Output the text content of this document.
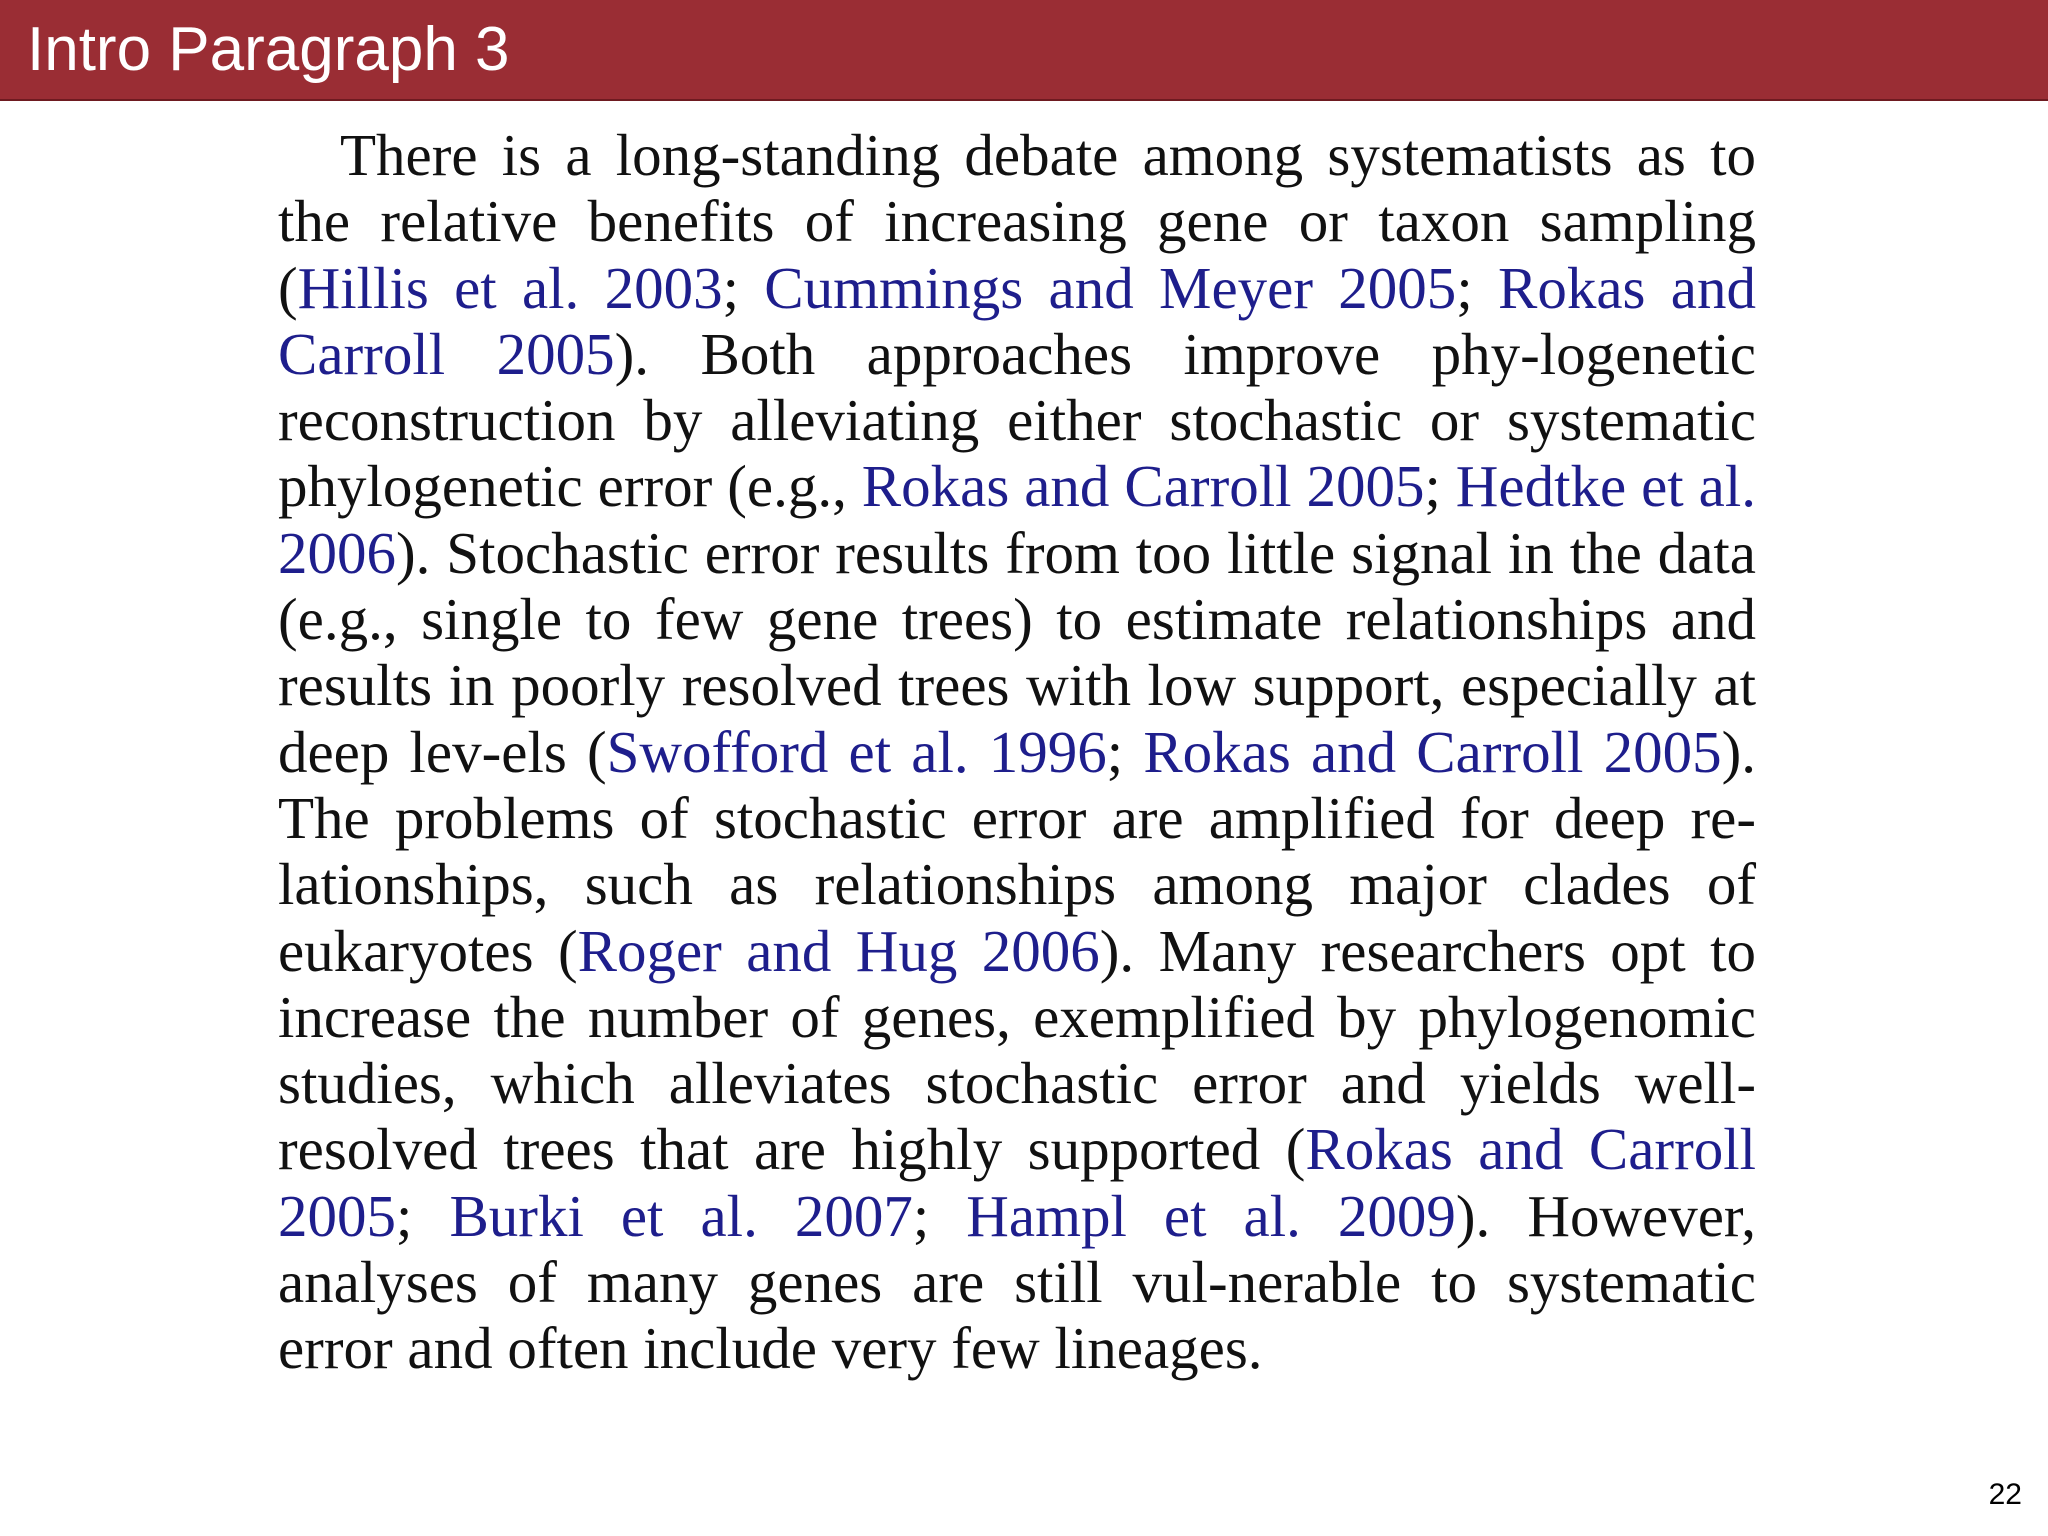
Intro Paragraph 3

There is a long-standing debate among systematists as to the relative benefits of increasing gene or taxon sampling (Hillis et al. 2003; Cummings and Meyer 2005; Rokas and Carroll 2005). Both approaches improve phy-logenetic reconstruction by alleviating either stochastic or systematic phylogenetic error (e.g., Rokas and Carroll 2005; Hedtke et al. 2006). Stochastic error results from too little signal in the data (e.g., single to few gene trees) to estimate relationships and results in poorly resolved trees with low support, especially at deep lev-els (Swofford et al. 1996; Rokas and Carroll 2005). The problems of stochastic error are amplified for deep re-lationships, such as relationships among major clades of eukaryotes (Roger and Hug 2006). Many researchers opt to increase the number of genes, exemplified by phylogenomic studies, which alleviates stochastic error and yields well-resolved trees that are highly supported (Rokas and Carroll 2005; Burki et al. 2007; Hampl et al. 2009). However, analyses of many genes are still vul-nerable to systematic error and often include very few lineages.

22
